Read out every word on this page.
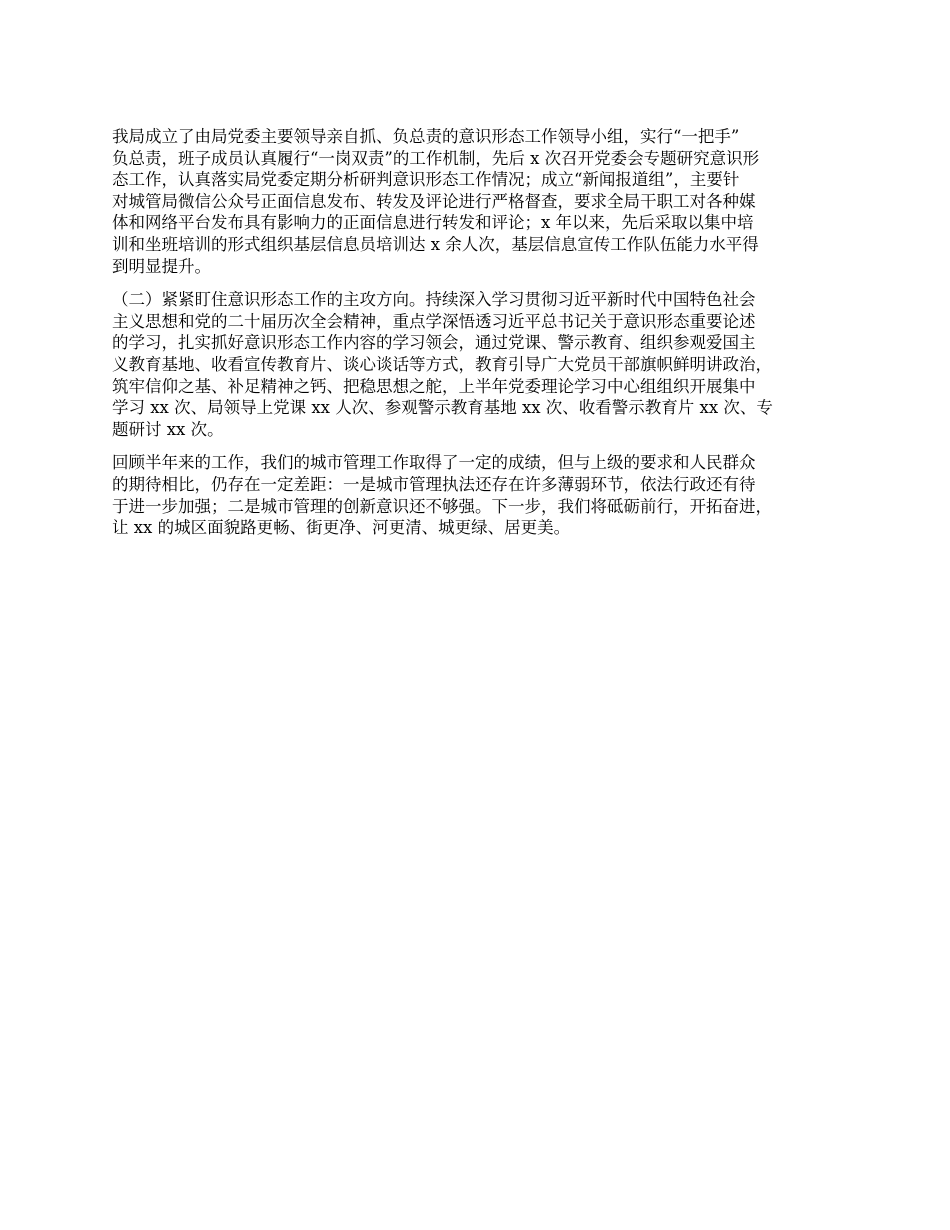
我局成立了由局党委主要领导亲自抓、负总责的意识形态工作领导小组，实行“一把手”
负总责，班子成员认真履行“一岗双责”的工作机制，先后 x 次召开党委会专题研究意识形
态工作，认真落实局党委定期分析研判意识形态工作情况；成立“新闻报道组”，主要针
对城管局微信公众号正面信息发布、转发及评论进行严格督查，要求全局干职工对各种媒
体和网络平台发布具有影响力的正面信息进行转发和评论；x 年以来，先后采取以集中培
训和坐班培训的形式组织基层信息员培训达 x 余人次，基层信息宣传工作队伍能力水平得
到明显提升。

（二）紧紧盯住意识形态工作的主攻方向。持续深入学习贯彻习近平新时代中国特色社会
主义思想和党的二十届历次全会精神，重点学深悟透习近平总书记关于意识形态重要论述
的学习，扎实抓好意识形态工作内容的学习领会，通过党课、警示教育、组织参观爱国主
义教育基地、收看宣传教育片、谈心谈话等方式，教育引导广大党员干部旗帜鲜明讲政治，
筑牢信仰之基、补足精神之钙、把稳思想之舵，上半年党委理论学习中心组组织开展集中
学习 xx 次、局领导上党课 xx 人次、参观警示教育基地 xx 次、收看警示教育片 xx 次、专
题研讨 xx 次。

回顾半年来的工作，我们的城市管理工作取得了一定的成绩，但与上级的要求和人民群众
的期待相比，仍存在一定差距：一是城市管理执法还存在许多薄弱环节，依法行政还有待
于进一步加强；二是城市管理的创新意识还不够强。下一步，我们将砥砺前行，开拓奋进，
让 xx 的城区面貌路更畅、街更净、河更清、城更绿、居更美。
